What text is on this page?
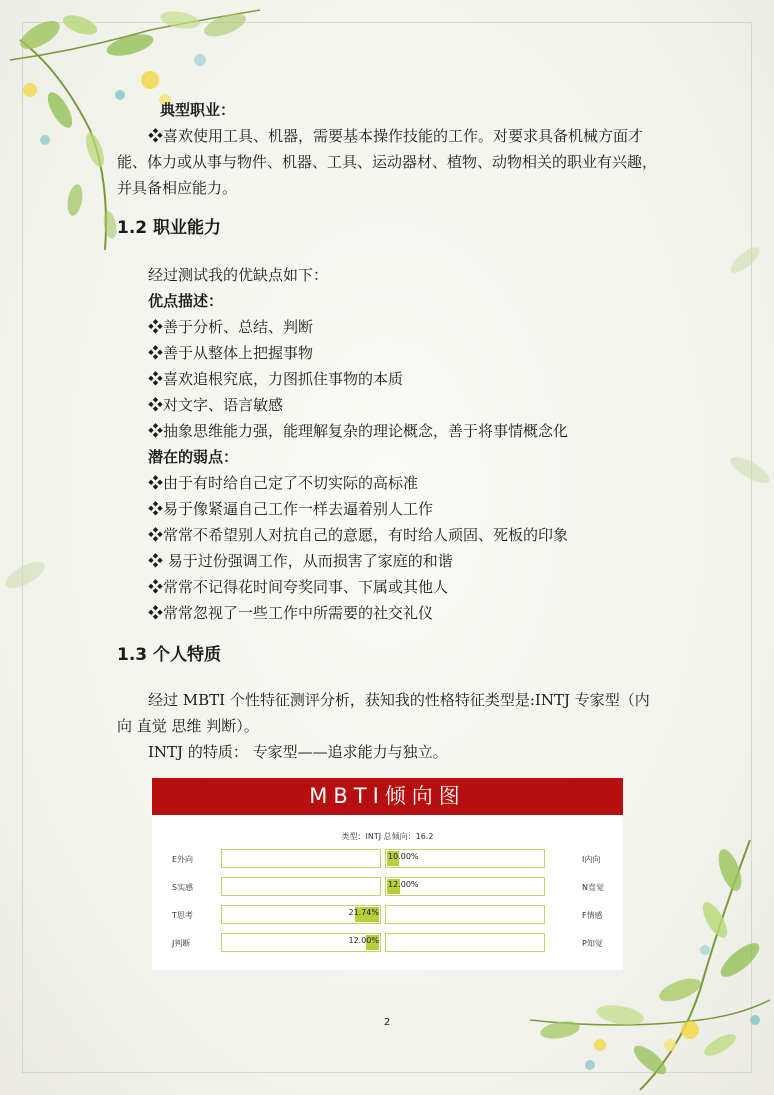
典型职业：
❖喜欢使用工具、机器，需要基本操作技能的工作。对要求具备机械方面才
能、体力或从事与物件、机器、工具、运动器材、植物、动物相关的职业有兴趣，
并具备相应能力。
1.2 职业能力
经过测试我的优缺点如下：
优点描述：
❖善于分析、总结、判断
❖善于从整体上把握事物
❖喜欢追根究底，力图抓住事物的本质
❖对文字、语言敏感
❖抽象思维能力强，能理解复杂的理论概念，善于将事情概念化
潜在的弱点：
❖由于有时给自己定了不切实际的高标准
❖易于像紧逼自己工作一样去逼着别人工作
❖常常不希望别人对抗自己的意愿，有时给人顽固、死板的印象
❖ 易于过份强调工作，从而损害了家庭的和谐
❖常常不记得花时间夸奖同事、下属或其他人
❖常常忽视了一些工作中所需要的社交礼仪
1.3 个人特质
经过 MBTI 个性特征测评分析，获知我的性格特征类型是:INTJ 专家型（内
向 直觉 思维 判断）。
INTJ 的特质： 专家型——追求能力与独立。
MBTI倾向图
类型：INTJ 总倾向：16.2
E外向	I内向
10.00%
S实感	N直觉
12.00%
T思考	F情感
21.74%
J判断	P知觉
12.00%
2
